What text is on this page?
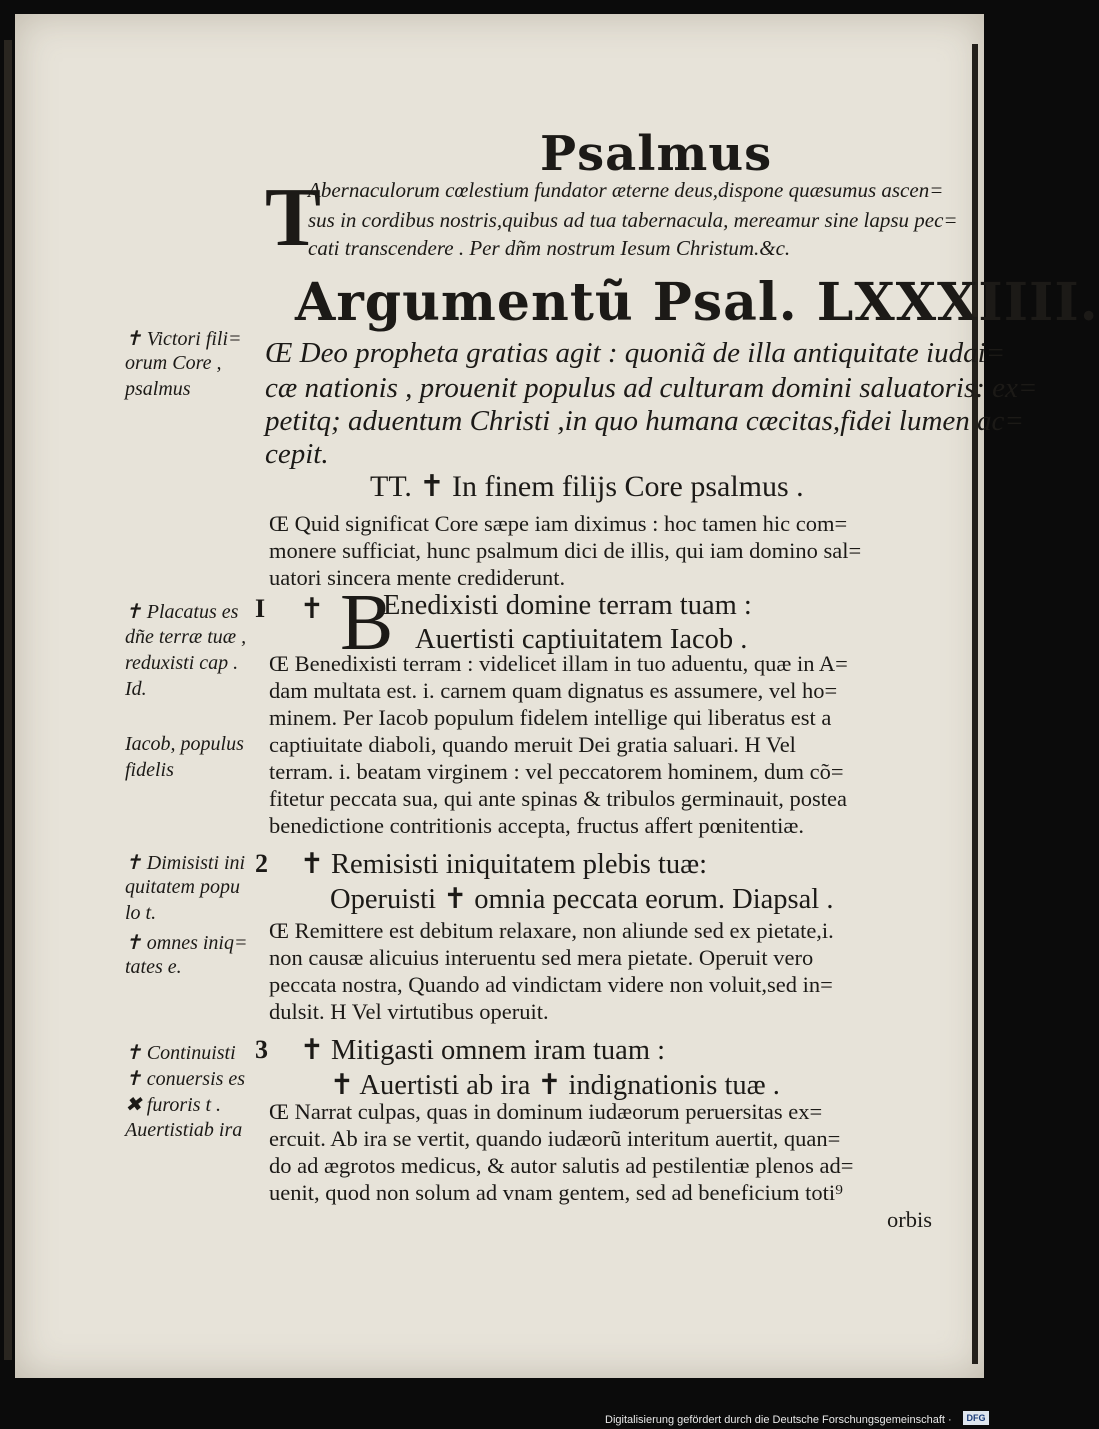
Psalmus
T
Abernaculorum cœlestium fundator æterne deus,dispone quæsumus ascen=
sus in cordibus nostris,quibus ad tua tabernacula, mereamur sine lapsu pec=
cati transcendere . Per dñm nostrum Iesum Christum.&c.
Argumentũ Psal. LXXXIIII.
Œ Deo propheta gratias agit : quoniã de illa antiquitate iudai=
cæ nationis , prouenit populus ad culturam domini saluatoris: ex=
petitq; aduentum Christi ,in quo humana cæcitas,fidei lumen ac=
cepit.
✝ Victori fili=
orum Core ,
psalmus
TT. ✝ In finem filijs Core psalmus .
Œ Quid significat Core sæpe iam diximus : hoc tamen hic com=
monere sufficiat, hunc psalmum dici de illis, qui iam domino sal=
uatori sincera mente crediderunt.
I ✝ B
Enedixisti domine terram tuam :
Auertisti captiuitatem Iacob .
✝ Placatus es
dñe terræ tuæ ,
reduxisti cap .
Id.
Œ Benedixisti terram : videlicet illam in tuo aduentu, quæ in A=
dam multata est. i. carnem quam dignatus es assumere, vel ho=
minem. Per Iacob populum fidelem intellige qui liberatus est a
captiuitate diaboli, quando meruit Dei gratia saluari. H Vel
terram. i. beatam virginem : vel peccatorem hominem, dum cõ=
fitetur peccata sua, qui ante spinas & tribulos germinauit, postea
benedictione contritionis accepta, fructus affert pœnitentiæ.
Iacob, populus
fidelis
2 ✝ Remisisti iniquitatem plebis tuæ:
Operuisti ✝ omnia peccata eorum. Diapsal .
✝ Dimisisti ini
quitatem popu
lo t.
✝ omnes iniq=
tates e.
Œ Remittere est debitum relaxare, non aliunde sed ex pietate,i.
non causæ alicuius interuentu sed mera pietate. Operuit vero
peccata nostra, Quando ad vindictam videre non voluit,sed in=
dulsit. H Vel virtutibus operuit.
3 ✝ Mitigasti omnem iram tuam :
✝ Auertisti ab ira ✝ indignationis tuæ .
✝ Continuisti
✝ conuersis es
✖ furoris t .
Auertistiab ira
Œ Narrat culpas, quas in dominum iudæorum peruersitas ex=
ercuit. Ab ira se vertit, quando iudæorũ interitum auertit, quan=
do ad ægrotos medicus, & autor salutis ad pestilentiæ plenos ad=
uenit, quod non solum ad vnam gentem, sed ad beneficium toti⁹
orbis
Digitalisierung gefördert durch die Deutsche Forschungsgemeinschaft ·	DFG
